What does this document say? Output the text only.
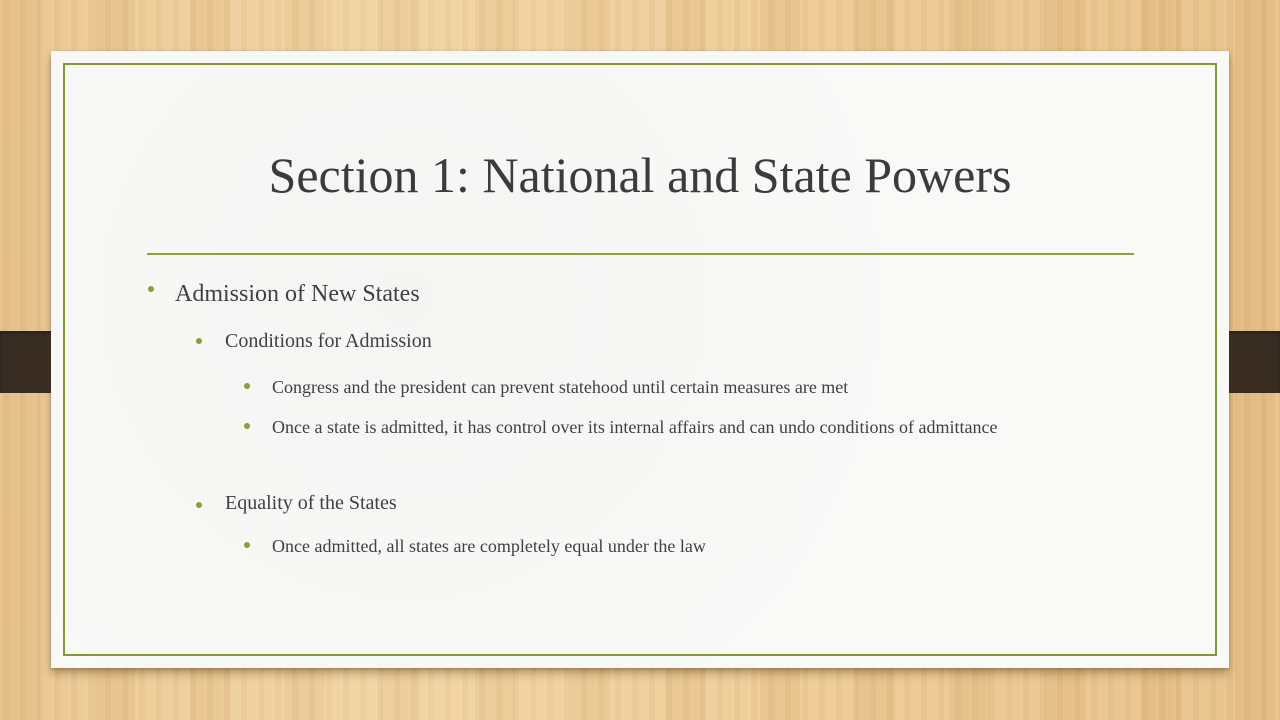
Section 1: National and State Powers
Admission of New States
Conditions for Admission
Congress and the president can prevent statehood until certain measures are met
Once a state is admitted, it has control over its internal affairs and can undo conditions of admittance
Equality of the States
Once admitted, all states are completely equal under the law
